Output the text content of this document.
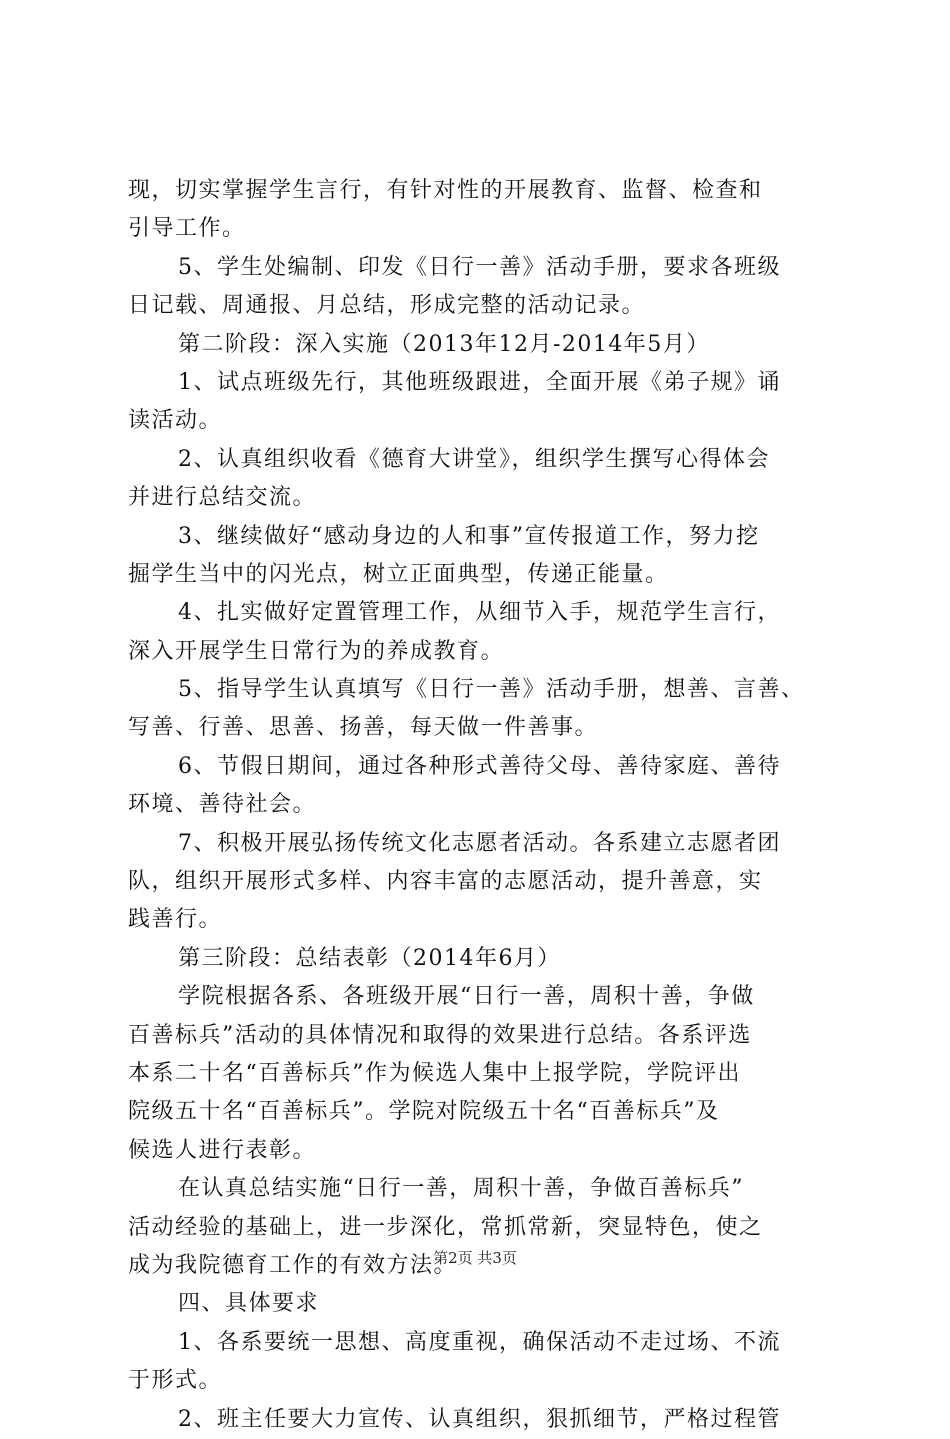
现，切实掌握学生言行，有针对性的开展教育、监督、检查和
引导工作。
5、学生处编制、印发《日行一善》活动手册，要求各班级
日记载、周通报、月总结，形成完整的活动记录。
第二阶段：深入实施（2013年12月-2014年5月）
1、试点班级先行，其他班级跟进，全面开展《弟子规》诵
读活动。
2、认真组织收看《德育大讲堂》，组织学生撰写心得体会
并进行总结交流。
3、继续做好“感动身边的人和事”宣传报道工作，努力挖
掘学生当中的闪光点，树立正面典型，传递正能量。
4、扎实做好定置管理工作，从细节入手，规范学生言行，
深入开展学生日常行为的养成教育。
5、指导学生认真填写《日行一善》活动手册，想善、言善、
写善、行善、思善、扬善，每天做一件善事。
6、节假日期间，通过各种形式善待父母、善待家庭、善待
环境、善待社会。
7、积极开展弘扬传统文化志愿者活动。各系建立志愿者团
队，组织开展形式多样、内容丰富的志愿活动，提升善意，实
践善行。
第三阶段：总结表彰（2014年6月）
学院根据各系、各班级开展“日行一善，周积十善，争做
百善标兵”活动的具体情况和取得的效果进行总结。各系评选
本系二十名“百善标兵”作为候选人集中上报学院，学院评出
院级五十名“百善标兵”。学院对院级五十名“百善标兵”及
候选人进行表彰。
在认真总结实施“日行一善，周积十善，争做百善标兵”
活动经验的基础上，进一步深化，常抓常新，突显特色，使之
成为我院德育工作的有效方法。
四、具体要求
1、各系要统一思想、高度重视，确保活动不走过场、不流
于形式。
2、班主任要大力宣传、认真组织，狠抓细节，严格过程管
第2页 共3页
